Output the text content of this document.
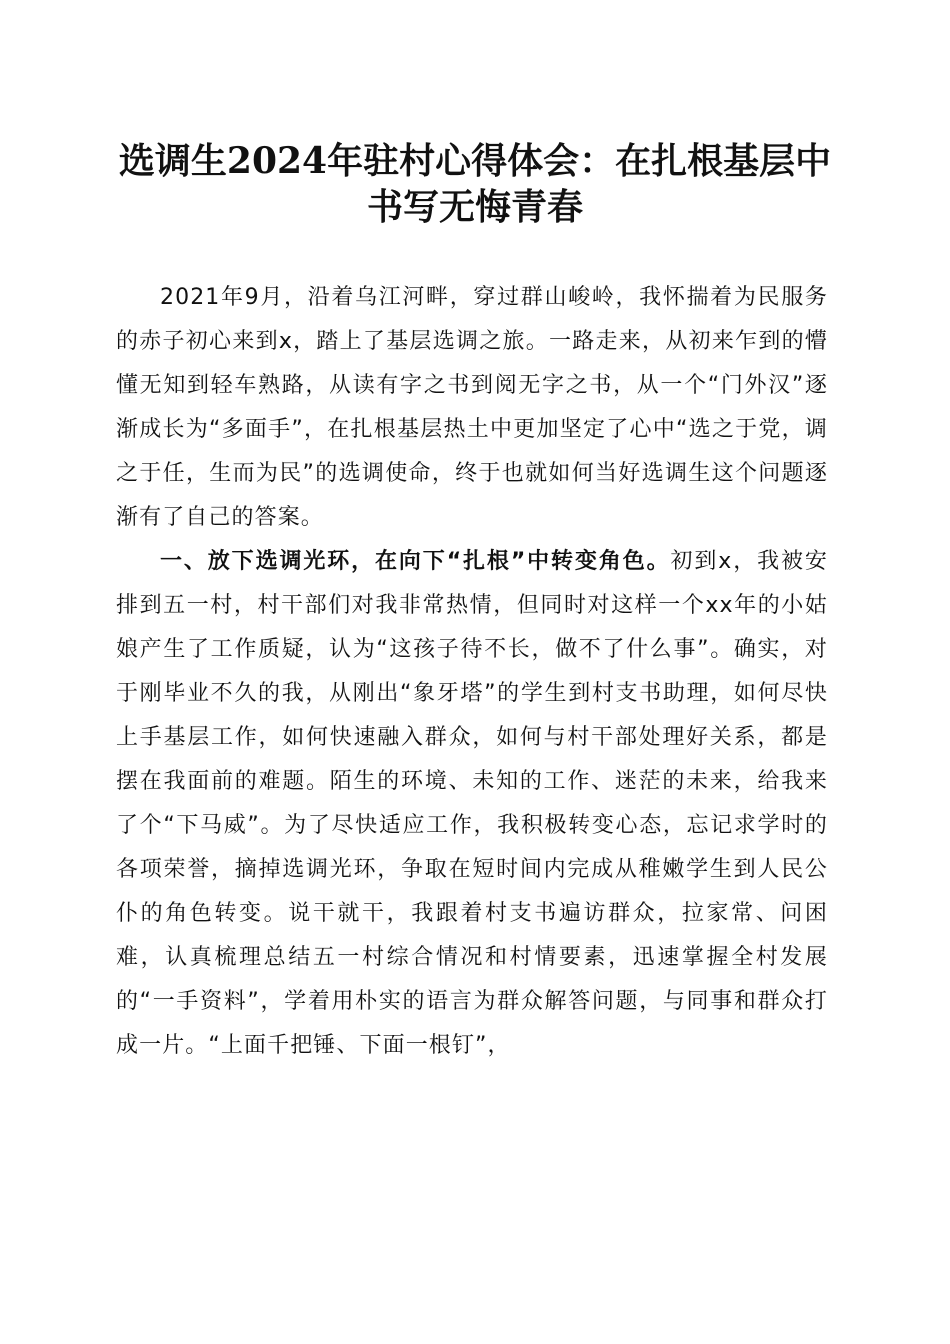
选调生2024年驻村心得体会：在扎根基层中
书写无悔青春

2021年9月，沿着乌江河畔，穿过群山峻岭，我怀揣着为民服务的赤子初心来到x，踏上了基层选调之旅。一路走来，从初来乍到的懵懂无知到轻车熟路，从读有字之书到阅无字之书，从一个“门外汉”逐渐成长为“多面手”，在扎根基层热土中更加坚定了心中“选之于党，调之于任，生而为民”的选调使命，终于也就如何当好选调生这个问题逐渐有了自己的答案。

一、放下选调光环，在向下“扎根”中转变角色。初到x，我被安排到五一村，村干部们对我非常热情，但同时对这样一个xx年的小姑娘产生了工作质疑，认为“这孩子待不长，做不了什么事”。确实，对于刚毕业不久的我，从刚出“象牙塔”的学生到村支书助理，如何尽快上手基层工作，如何快速融入群众，如何与村干部处理好关系，都是摆在我面前的难题。陌生的环境、未知的工作、迷茫的未来，给我来了个“下马威”。为了尽快适应工作，我积极转变心态，忘记求学时的各项荣誉，摘掉选调光环，争取在短时间内完成从稚嫩学生到人民公仆的角色转变。说干就干，我跟着村支书遍访群众，拉家常、问困难，认真梳理总结五一村综合情况和村情要素，迅速掌握全村发展的“一手资料”，学着用朴实的语言为群众解答问题，与同事和群众打成一片。“上面千把锤、下面一根钉”，
